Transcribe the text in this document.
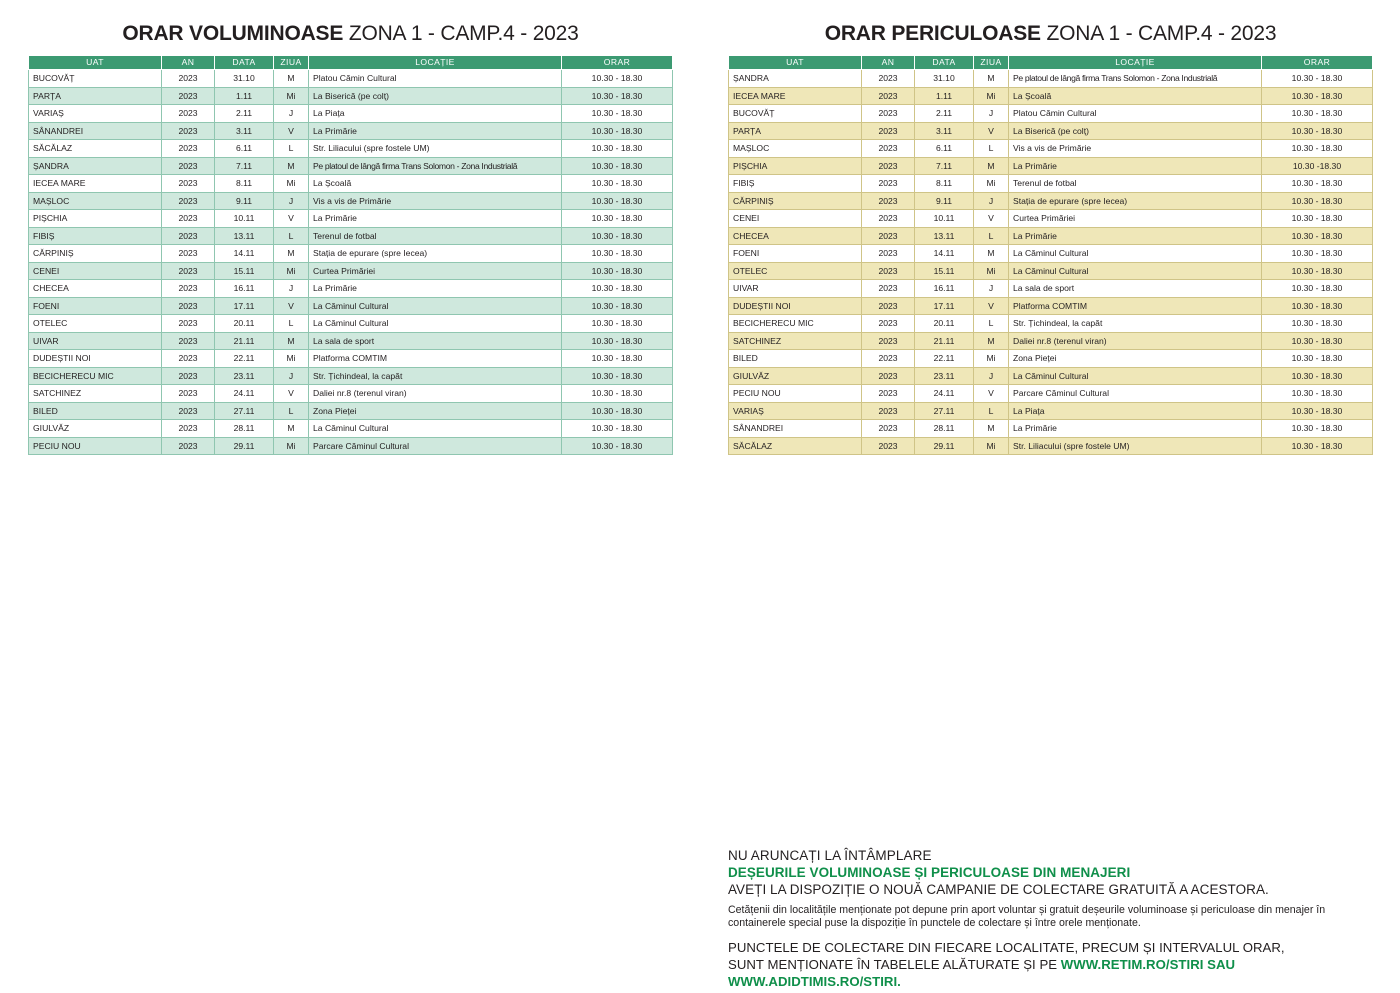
ORAR VOLUMINOASE ZONA 1 - CAMP.4 - 2023
UAT	AN	DATA	ZIUA	LOCAȚIE	ORAR
BUCOVĂȚ	2023	31.10	M	Platou Cămin Cultural	10.30 - 18.30
PARȚA	2023	1.11	Mi	La Biserică (pe colț)	10.30 - 18.30
VARIAȘ	2023	2.11	J	La Piața	10.30 - 18.30
SÂNANDREI	2023	3.11	V	La Primărie	10.30 - 18.30
SĂCĂLAZ	2023	6.11	L	Str. Liliacului (spre fostele UM)	10.30 - 18.30
ȘANDRA	2023	7.11	M	Pe platoul de lângă firma Trans Solomon - Zona Industrială	10.30 - 18.30
IECEA MARE	2023	8.11	Mi	La Școală	10.30 - 18.30
MAȘLOC	2023	9.11	J	Vis a vis de Primărie	10.30 - 18.30
PIȘCHIA	2023	10.11	V	La Primărie	10.30 - 18.30
FIBIȘ	2023	13.11	L	Terenul de fotbal	10.30 - 18.30
CĂRPINIȘ	2023	14.11	M	Stația de epurare (spre Iecea)	10.30 - 18.30
CENEI	2023	15.11	Mi	Curtea Primăriei	10.30 - 18.30
CHECEA	2023	16.11	J	La Primărie	10.30 - 18.30
FOENI	2023	17.11	V	La Căminul Cultural	10.30 - 18.30
OTELEC	2023	20.11	L	La Căminul Cultural	10.30 - 18.30
UIVAR	2023	21.11	M	La sala de sport	10.30 - 18.30
DUDEȘTII NOI	2023	22.11	Mi	Platforma COMTIM	10.30 - 18.30
BECICHERECU MIC	2023	23.11	J	Str. Țichindeal, la capăt	10.30 - 18.30
SATCHINEZ	2023	24.11	V	Daliei nr.8 (terenul viran)	10.30 - 18.30
BILED	2023	27.11	L	Zona Pieței	10.30 - 18.30
GIULVĂZ	2023	28.11	M	La Căminul Cultural	10.30 - 18.30
PECIU NOU	2023	29.11	Mi	Parcare Căminul Cultural	10.30 - 18.30
ORAR PERICULOASE ZONA 1 - CAMP.4 - 2023
UAT	AN	DATA	ZIUA	LOCAȚIE	ORAR
ȘANDRA	2023	31.10	M	Pe platoul de lângă firma Trans Solomon - Zona Industrială	10.30 - 18.30
IECEA MARE	2023	1.11	Mi	La Școală	10.30 - 18.30
BUCOVĂȚ	2023	2.11	J	Platou Cămin Cultural	10.30 - 18.30
PARȚA	2023	3.11	V	La Biserică (pe colț)	10.30 - 18.30
MAȘLOC	2023	6.11	L	Vis a vis de Primărie	10.30 - 18.30
PIȘCHIA	2023	7.11	M	La Primărie	10.30 -18.30
FIBIȘ	2023	8.11	Mi	Terenul de fotbal	10.30 - 18.30
CĂRPINIȘ	2023	9.11	J	Stația de epurare (spre Iecea)	10.30 - 18.30
CENEI	2023	10.11	V	Curtea Primăriei	10.30 - 18.30
CHECEA	2023	13.11	L	La Primărie	10.30 - 18.30
FOENI	2023	14.11	M	La Căminul Cultural	10.30 - 18.30
OTELEC	2023	15.11	Mi	La Căminul Cultural	10.30 - 18.30
UIVAR	2023	16.11	J	La sala de sport	10.30 - 18.30
DUDEȘTII NOI	2023	17.11	V	Platforma COMTIM	10.30 - 18.30
BECICHERECU MIC	2023	20.11	L	Str. Țichindeal, la capăt	10.30 - 18.30
SATCHINEZ	2023	21.11	M	Daliei nr.8 (terenul viran)	10.30 - 18.30
BILED	2023	22.11	Mi	Zona Pieței	10.30 - 18.30
GIULVĂZ	2023	23.11	J	La Căminul Cultural	10.30 - 18.30
PECIU NOU	2023	24.11	V	Parcare Căminul Cultural	10.30 - 18.30
VARIAȘ	2023	27.11	L	La Piața	10.30 - 18.30
SÂNANDREI	2023	28.11	M	La Primărie	10.30 - 18.30
SĂCĂLAZ	2023	29.11	Mi	Str. Liliacului (spre fostele UM)	10.30 - 18.30
NU ARUNCAȚI LA ÎNTÂMPLARE
DEȘEURILE VOLUMINOASE ȘI PERICULOASE DIN MENAJERI
AVEȚI LA DISPOZIȚIE O NOUĂ CAMPANIE DE COLECTARE GRATUITĂ A ACESTORA.
Cetățenii din localitățile menționate pot depune prin aport voluntar și gratuit deșeurile voluminoase și periculoase din menajer în containerele special puse la dispoziție în punctele de colectare și între orele menționate.
PUNCTELE DE COLECTARE DIN FIECARE LOCALITATE, PRECUM ȘI INTERVALUL ORAR,
SUNT MENȚIONATE ÎN TABELELE ALĂTURATE ȘI PE WWW.RETIM.RO/STIRI SAU WWW.ADIDTIMIS.RO/STIRI.
